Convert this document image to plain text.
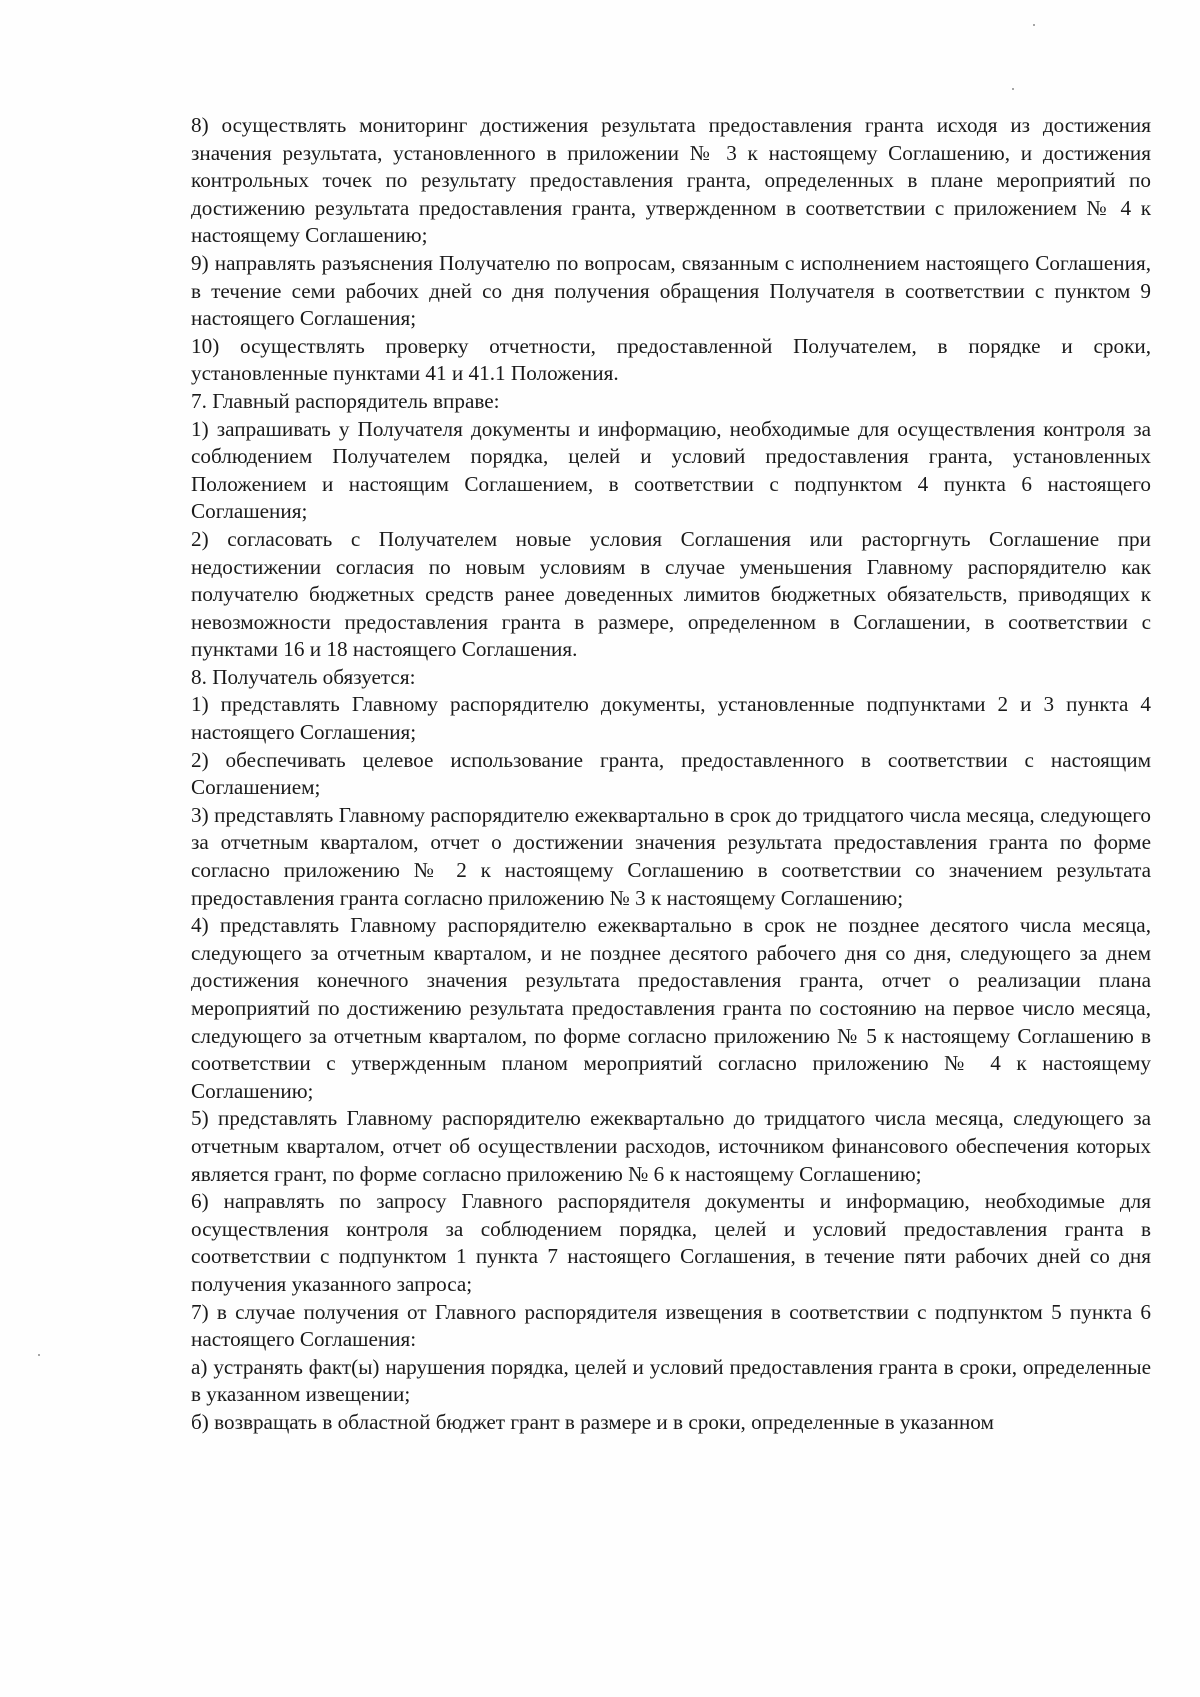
8) осуществлять мониторинг достижения результата предоставления гранта исходя из достижения значения результата, установленного в приложении № 3 к настоящему Соглашению, и достижения контрольных точек по результату предоставления гранта, определенных в плане мероприятий по достижению результата предоставления гранта, утвержденном в соответствии с приложением № 4 к настоящему Соглашению;

9) направлять разъяснения Получателю по вопросам, связанным с исполнением настоящего Соглашения, в течение семи рабочих дней со дня получения обращения Получателя в соответствии с пунктом 9 настоящего Соглашения;

10) осуществлять проверку отчетности, предоставленной Получателем, в порядке и сроки, установленные пунктами 41 и 41.1 Положения.

7. Главный распорядитель вправе:

1) запрашивать у Получателя документы и информацию, необходимые для осуществления контроля за соблюдением Получателем порядка, целей и условий предоставления гранта, установленных Положением и настоящим Соглашением, в соответствии с подпунктом 4 пункта 6 настоящего Соглашения;

2) согласовать с Получателем новые условия Соглашения или расторгнуть Соглашение при недостижении согласия по новым условиям в случае уменьшения Главному распорядителю как получателю бюджетных средств ранее доведенных лимитов бюджетных обязательств, приводящих к невозможности предоставления гранта в размере, определенном в Соглашении, в соответствии с пунктами 16 и 18 настоящего Соглашения.

8. Получатель обязуется:

1) представлять Главному распорядителю документы, установленные подпунктами 2 и 3 пункта 4 настоящего Соглашения;

2) обеспечивать целевое использование гранта, предоставленного в соответствии с настоящим Соглашением;

3) представлять Главному распорядителю ежеквартально в срок до тридцатого числа месяца, следующего за отчетным кварталом, отчет о достижении значения результата предоставления гранта по форме согласно приложению № 2 к настоящему Соглашению в соответствии со значением результата предоставления гранта согласно приложению № 3 к настоящему Соглашению;

4) представлять Главному распорядителю ежеквартально в срок не позднее десятого числа месяца, следующего за отчетным кварталом, и не позднее десятого рабочего дня со дня, следующего за днем достижения конечного значения результата предоставления гранта, отчет о реализации плана мероприятий по достижению результата предоставления гранта по состоянию на первое число месяца, следующего за отчетным кварталом, по форме согласно приложению № 5 к настоящему Соглашению в соответствии с утвержденным планом мероприятий согласно приложению № 4 к настоящему Соглашению;

5) представлять Главному распорядителю ежеквартально до тридцатого числа месяца, следующего за отчетным кварталом, отчет об осуществлении расходов, источником финансового обеспечения которых является грант, по форме согласно приложению № 6 к настоящему Соглашению;

6) направлять по запросу Главного распорядителя документы и информацию, необходимые для осуществления контроля за соблюдением порядка, целей и условий предоставления гранта в соответствии с подпунктом 1 пункта 7 настоящего Соглашения, в течение пяти рабочих дней со дня получения указанного запроса;

7) в случае получения от Главного распорядителя извещения в соответствии с подпунктом 5 пункта 6 настоящего Соглашения:

а) устранять факт(ы) нарушения порядка, целей и условий предоставления гранта в сроки, определенные в указанном извещении;

б) возвращать в областной бюджет грант в размере и в сроки, определенные в указанном
